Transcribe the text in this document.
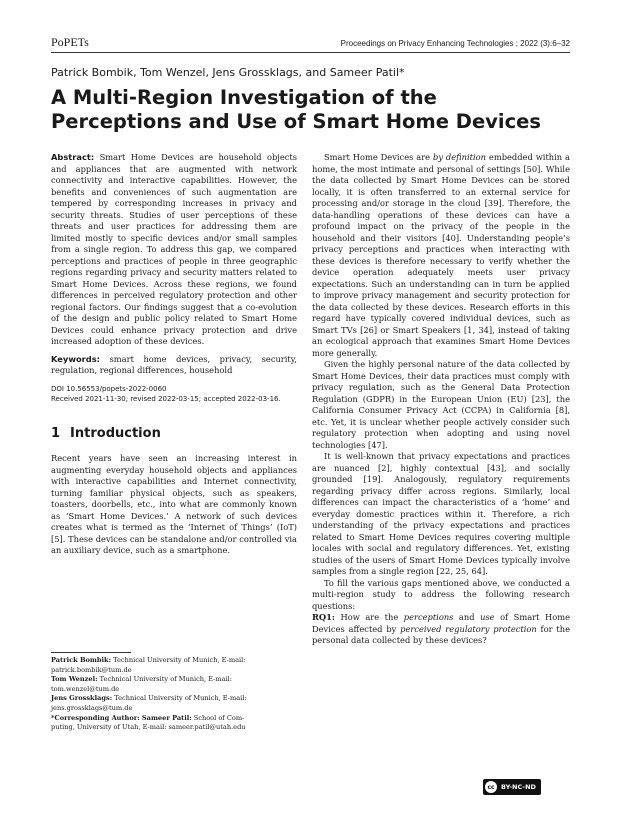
PoPETs	Proceedings on Privacy Enhancing Technologies ; 2022 (3):6–32
Patrick Bombik, Tom Wenzel, Jens Grossklags, and Sameer Patil*
A Multi-Region Investigation of the
Perceptions and Use of Smart Home Devices

Abstract: Smart Home Devices are household objects and appliances that are augmented with network connectivity and interactive capabilities. However, the benefits and conveniences of such augmentation are tempered by corresponding increases in privacy and security threats. Studies of user perceptions of these threats and user practices for addressing them are limited mostly to specific devices and/or small samples from a single region. To address this gap, we compared perceptions and practices of people in three geographic regions regarding privacy and security matters related to Smart Home Devices. Across these regions, we found differences in perceived regulatory protection and other regional factors. Our findings suggest that a co-evolution of the design and public policy related to Smart Home Devices could enhance privacy protection and drive increased adoption of these devices.

Keywords: smart home devices, privacy, security, regulation, regional differences, household

DOI 10.56553/popets-2022-0060

Received 2021-11-30; revised 2022-03-15; accepted 2022-03-16.

1 Introduction

Recent years have seen an increasing interest in augmenting everyday household objects and appliances with interactive capabilities and Internet connectivity, turning familiar physical objects, such as speakers, toasters, doorbells, etc., into what are commonly known as ‘Smart Home Devices.’ A network of such devices creates what is termed as the ‘Internet of Things’ (IoT) [5]. These devices can be standalone and/or controlled via an auxiliary device, such as a smartphone.

Smart Home Devices are by definition embedded within a home, the most intimate and personal of settings [50]. While the data collected by Smart Home Devices can be stored locally, it is often transferred to an external service for processing and/or storage in the cloud [39]. Therefore, the data-handling operations of these devices can have a profound impact on the privacy of the people in the household and their visitors [40]. Understanding people’s privacy perceptions and practices when interacting with these devices is therefore necessary to verify whether the device operation adequately meets user privacy expectations. Such an understanding can in turn be applied to improve privacy management and security protection for the data collected by these devices. Research efforts in this regard have typically covered individual devices, such as Smart TVs [26] or Smart Speakers [1, 34], instead of taking an ecological approach that examines Smart Home Devices more generally.

Given the highly personal nature of the data collected by Smart Home Devices, their data practices must comply with privacy regulation, such as the General Data Protection Regulation (GDPR) in the European Union (EU) [23], the California Consumer Privacy Act (CCPA) in California [8], etc. Yet, it is unclear whether people actively consider such regulatory protection when adopting and using novel technologies [47].

It is well-known that privacy expectations and practices are nuanced [2], highly contextual [43], and socially grounded [19]. Analogously, regulatory requirements regarding privacy differ across regions. Similarly, local differences can impact the characteristics of a ‘home’ and everyday domestic practices within it. Therefore, a rich understanding of the privacy expectations and practices related to Smart Home Devices requires covering multiple locales with social and regulatory differences. Yet, existing studies of the users of Smart Home Devices typically involve samples from a single region [22, 25, 64].

To fill the various gaps mentioned above, we conducted a multi-region study to address the following research questions:

RQ1: How are the perceptions and use of Smart Home Devices affected by perceived regulatory protection for the personal data collected by these devices?

Patrick Bombik: Technical University of Munich, E-mail:
patrick.bombik@tum.de

Tom Wenzel: Technical University of Munich, E-mail:
tom.wenzel@tum.de

Jens Grossklags: Technical University of Munich, E-mail:
jens.grossklags@tum.de

*Corresponding Author: Sameer Patil: School of Com-
puting, University of Utah, E-mail: sameer.patil@utah.edu

cc BY-NC-ND
